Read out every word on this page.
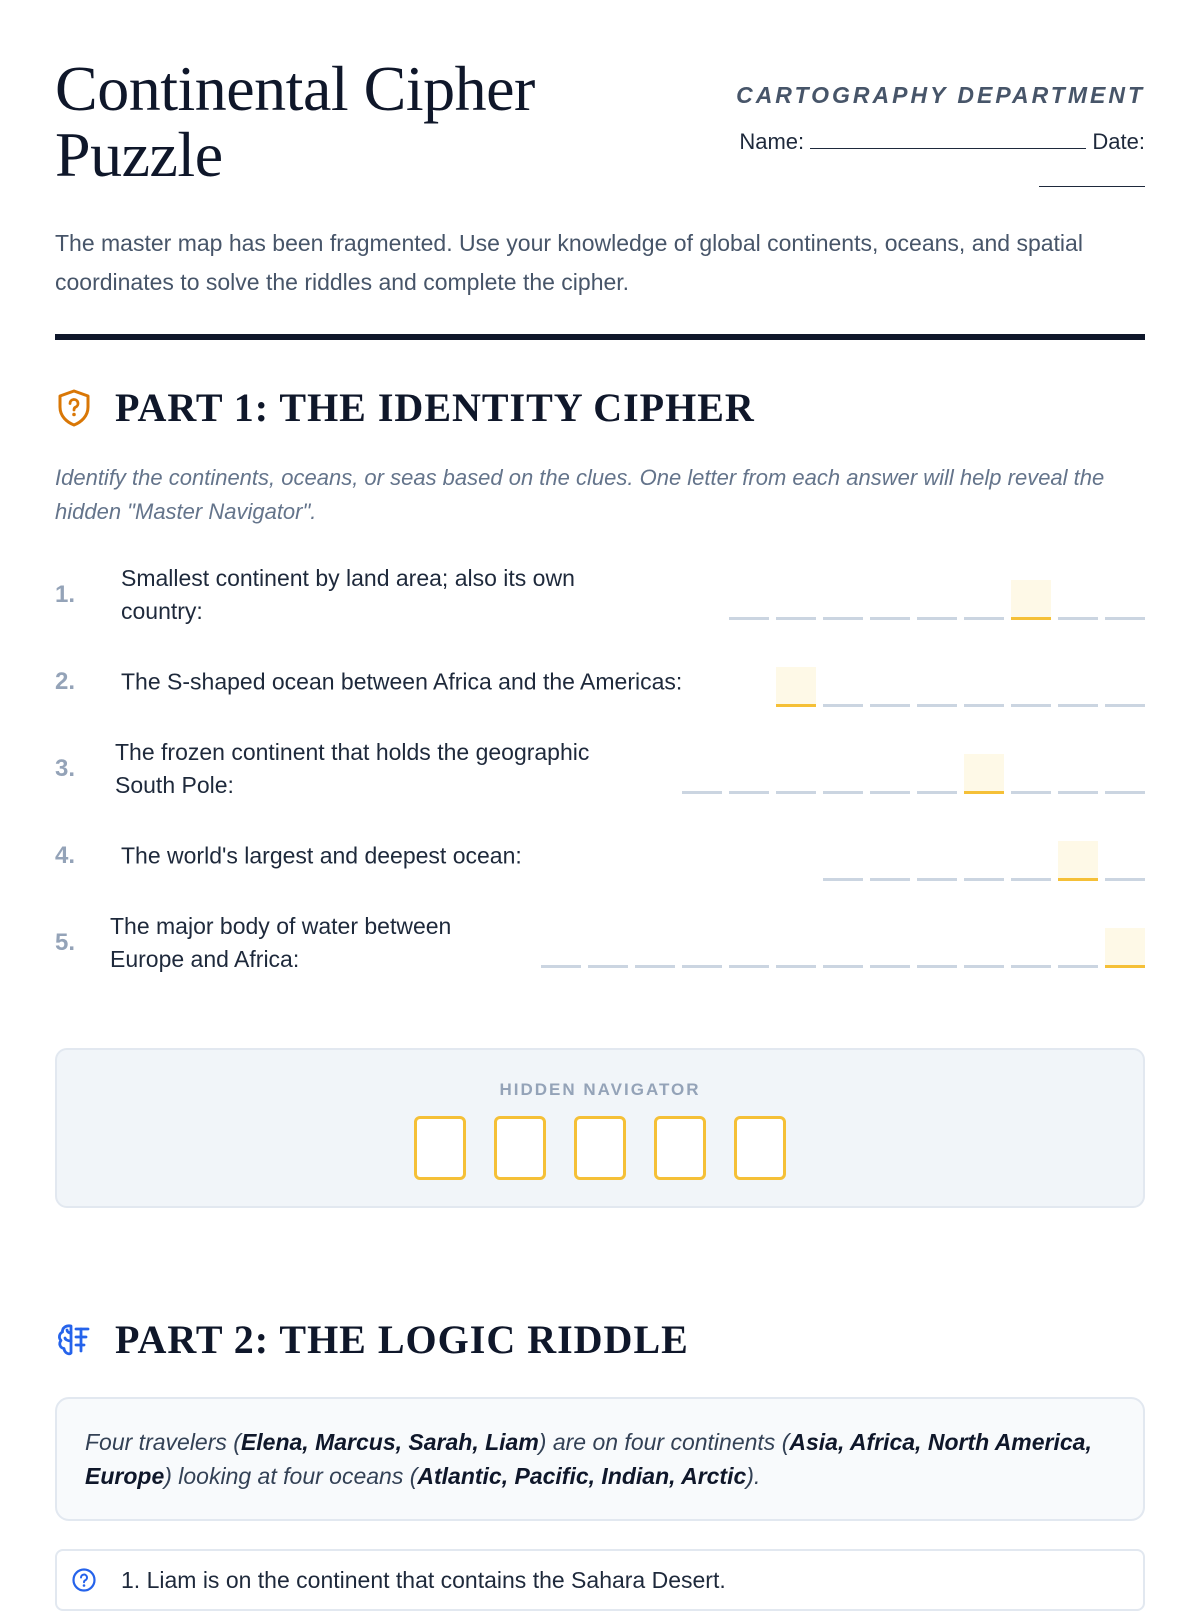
Continental Cipher Puzzle
CARTOGRAPHY DEPARTMENT
Name:	Date:

The master map has been fragmented. Use your knowledge of global continents, oceans, and spatial coordinates to solve the riddles and complete the cipher.

PART 1: THE IDENTITY CIPHER

Identify the continents, oceans, or seas based on the clues. One letter from each answer will help reveal the hidden "Master Navigator".

1.
Smallest continent by land area; also its own country:
2. The S-shaped ocean between Africa and the Americas:
3.
The frozen continent that holds the geographic South Pole:
4. The world's largest and deepest ocean:
5.
The major body of water between Europe and Africa:
HIDDEN NAVIGATOR
PART 2: THE LOGIC RIDDLE
Four travelers (Elena, Marcus, Sarah, Liam) are on four continents (Asia, Africa, North America, Europe) looking at four oceans (Atlantic, Pacific, Indian, Arctic).
1. Liam is on the continent that contains the Sahara Desert.
